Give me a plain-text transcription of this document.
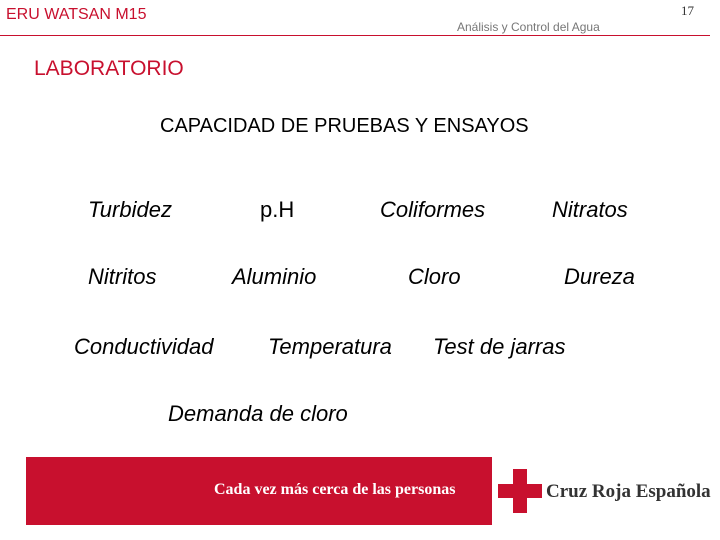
ERU WATSAN M15
Análisis y Control del Agua
17
LABORATORIO
CAPACIDAD DE PRUEBAS Y ENSAYOS
Turbidez	p.H	Coliformes	Nitratos
Nitritos	Aluminio	Cloro	Dureza
Conductividad Temperatura Test de jarras
Demanda de cloro
Cada vez más cerca de las personas	Cruz Roja Española
